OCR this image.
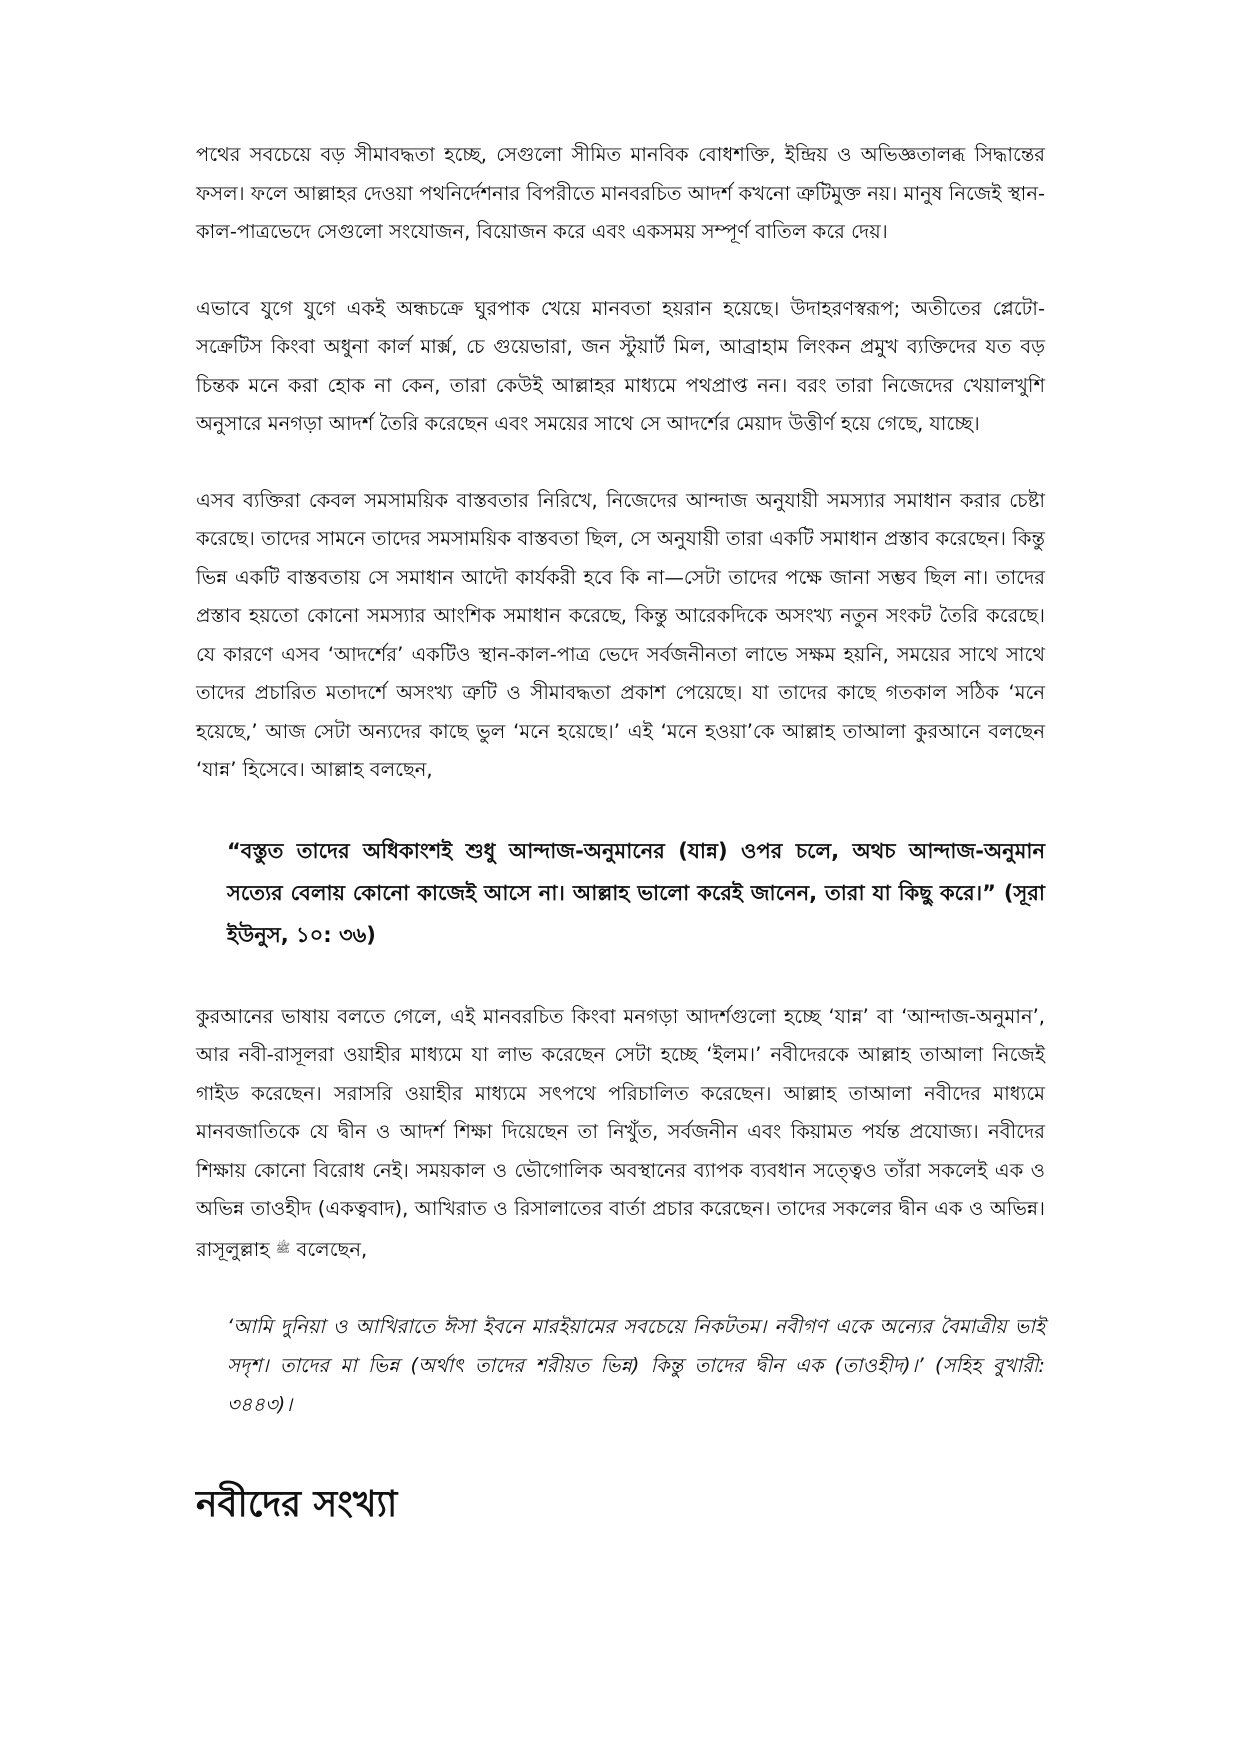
পথের সবচেয়ে বড় সীমাবদ্ধতা হচ্ছে, সেগুলো সীমিত মানবিক বোধশক্তি, ইন্দ্রিয় ও অভিজ্ঞতালব্ধ সিদ্ধান্তের ফসল। ফলে আল্লাহর দেওয়া পথনির্দেশনার বিপরীতে মানবরচিত আদর্শ কখনো ত্রুটিমুক্ত নয়। মানুষ নিজেই স্থান-কাল-পাত্রভেদে সেগুলো সংযোজন, বিয়োজন করে এবং একসময় সম্পূর্ণ বাতিল করে দেয়।

এভাবে যুগে যুগে একই অন্ধচক্রে ঘুরপাক খেয়ে মানবতা হয়রান হয়েছে। উদাহরণস্বরূপ; অতীতের প্লেটো-সক্রেটিস কিংবা অধুনা কার্ল মার্ক্স, চে গুয়েভারা, জন স্টুয়ার্ট মিল, আব্রাহাম লিংকন প্রমুখ ব্যক্তিদের যত বড় চিন্তক মনে করা হোক না কেন, তারা কেউই আল্লাহর মাধ্যমে পথপ্রাপ্ত নন। বরং তারা নিজেদের খেয়ালখুশি অনুসারে মনগড়া আদর্শ তৈরি করেছেন এবং সময়ের সাথে সে আদর্শের মেয়াদ উত্তীর্ণ হয়ে গেছে, যাচ্ছে।

এসব ব্যক্তিরা কেবল সমসাময়িক বাস্তবতার নিরিখে, নিজেদের আন্দাজ অনুযায়ী সমস্যার সমাধান করার চেষ্টা করেছে। তাদের সামনে তাদের সমসাময়িক বাস্তবতা ছিল, সে অনুযায়ী তারা একটি সমাধান প্রস্তাব করেছেন। কিন্তু ভিন্ন একটি বাস্তবতায় সে সমাধান আদৌ কার্যকরী হবে কি না—সেটা তাদের পক্ষে জানা সম্ভব ছিল না। তাদের প্রস্তাব হয়তো কোনো সমস্যার আংশিক সমাধান করেছে, কিন্তু আরেকদিকে অসংখ্য নতুন সংকট তৈরি করেছে। যে কারণে এসব ‘আদর্শের’ একটিও স্থান-কাল-পাত্র ভেদে সর্বজনীনতা লাভে সক্ষম হয়নি, সময়ের সাথে সাথে তাদের প্রচারিত মতাদর্শে অসংখ্য ত্রুটি ও সীমাবদ্ধতা প্রকাশ পেয়েছে। যা তাদের কাছে গতকাল সঠিক ‘মনে হয়েছে,’ আজ সেটা অন্যদের কাছে ভুল ‘মনে হয়েছে।’ এই ‘মনে হওয়া’কে আল্লাহ তাআলা কুরআনে বলছেন ‘যান্ন’ হিসেবে। আল্লাহ বলছেন,

“বস্তুত তাদের অধিকাংশই শুধু আন্দাজ-অনুমানের (যান্ন) ওপর চলে, অথচ আন্দাজ-অনুমান সত্যের বেলায় কোনো কাজেই আসে না। আল্লাহ ভালো করেই জানেন, তারা যা কিছু করে।” (সূরা ইউনুস, ১০: ৩৬)

কুরআনের ভাষায় বলতে গেলে, এই মানবরচিত কিংবা মনগড়া আদর্শগুলো হচ্ছে ‘যান্ন’ বা ‘আন্দাজ-অনুমান’, আর নবী-রাসূলরা ওয়াহীর মাধ্যমে যা লাভ করেছেন সেটা হচ্ছে ‘ইলম।’ নবীদেরকে আল্লাহ তাআলা নিজেই গাইড করেছেন। সরাসরি ওয়াহীর মাধ্যমে সৎপথে পরিচালিত করেছেন। আল্লাহ তাআলা নবীদের মাধ্যমে মানবজাতিকে যে দ্বীন ও আদর্শ শিক্ষা দিয়েছেন তা নিখুঁত, সর্বজনীন এবং কিয়ামত পর্যন্ত প্রযোজ্য। নবীদের শিক্ষায় কোনো বিরোধ নেই। সময়কাল ও ভৌগোলিক অবস্থানের ব্যাপক ব্যবধান সত্ত্বেও তাঁরা সকলেই এক ও অভিন্ন তাওহীদ (একত্ববাদ), আখিরাত ও রিসালাতের বার্তা প্রচার করেছেন। তাদের সকলের দ্বীন এক ও অভিন্ন। রাসূলুল্লাহ $^ﷺ$ বলেছেন,

‘আমি দুনিয়া ও আখিরাতে ঈসা ইবনে মারইয়ামের সবচেয়ে নিকটতম। নবীগণ একে অন্যের বৈমাত্রীয় ভাই সদৃশ। তাদের মা ভিন্ন (অর্থাৎ তাদের শরীয়ত ভিন্ন) কিন্তু তাদের দ্বীন এক (তাওহীদ)।’ (সহিহ বুখারী: ৩৪৪৩)।

নবীদের সংখ্যা
